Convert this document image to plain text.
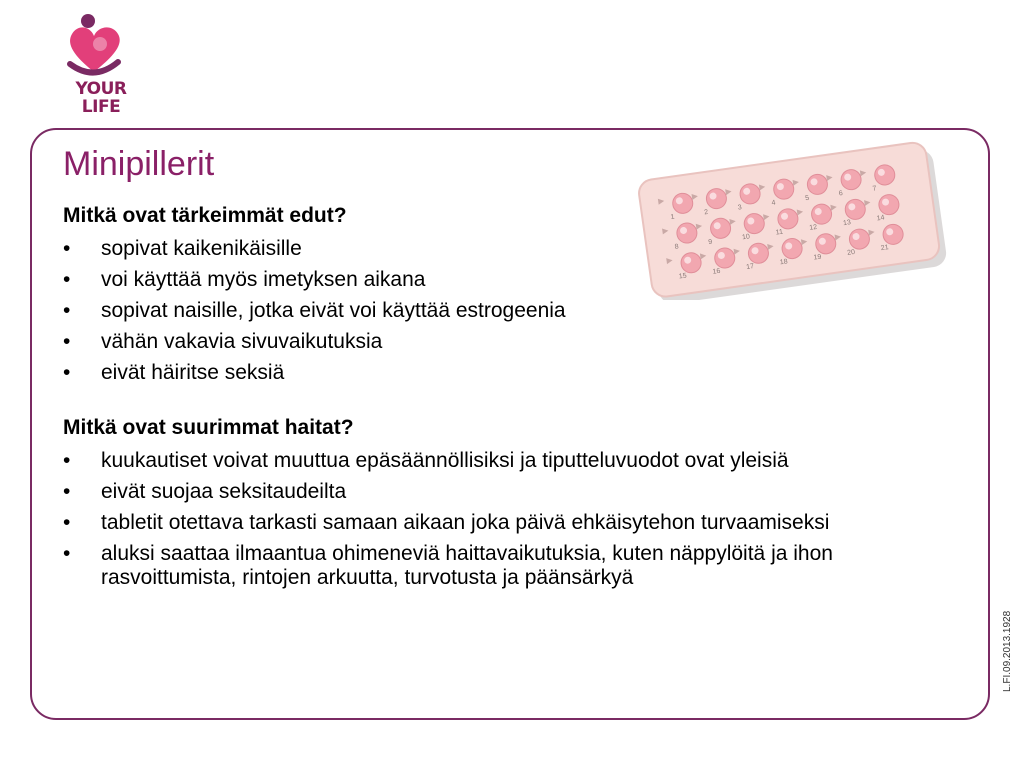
YOUR
LIFE
Minipillerit
1
2
3
4
5
6
7
8
9
10
11
12
13
14
15
16
17
18
19
20
21

Mitkä ovat tärkeimmät edut?

• sopivat kaikenikäisille
• voi käyttää myös imetyksen aikana
• sopivat naisille, jotka eivät voi käyttää estrogeenia
• vähän vakavia sivuvaikutuksia
• eivät häiritse seksiä

Mitkä ovat suurimmat haitat?

• kuukautiset voivat muuttua epäsäännöllisiksi ja tiputteluvuodot ovat yleisiä
• eivät suojaa seksitaudeilta
• tabletit otettava tarkasti samaan aikaan joka päivä ehkäisytehon turvaamiseksi
• aluksi saattaa ilmaantua ohimeneviä haittavaikutuksia, kuten näppylöitä ja ihon rasvoittumista, rintojen arkuutta, turvotusta ja päänsärkyä
L.FI.09.2013.1928
